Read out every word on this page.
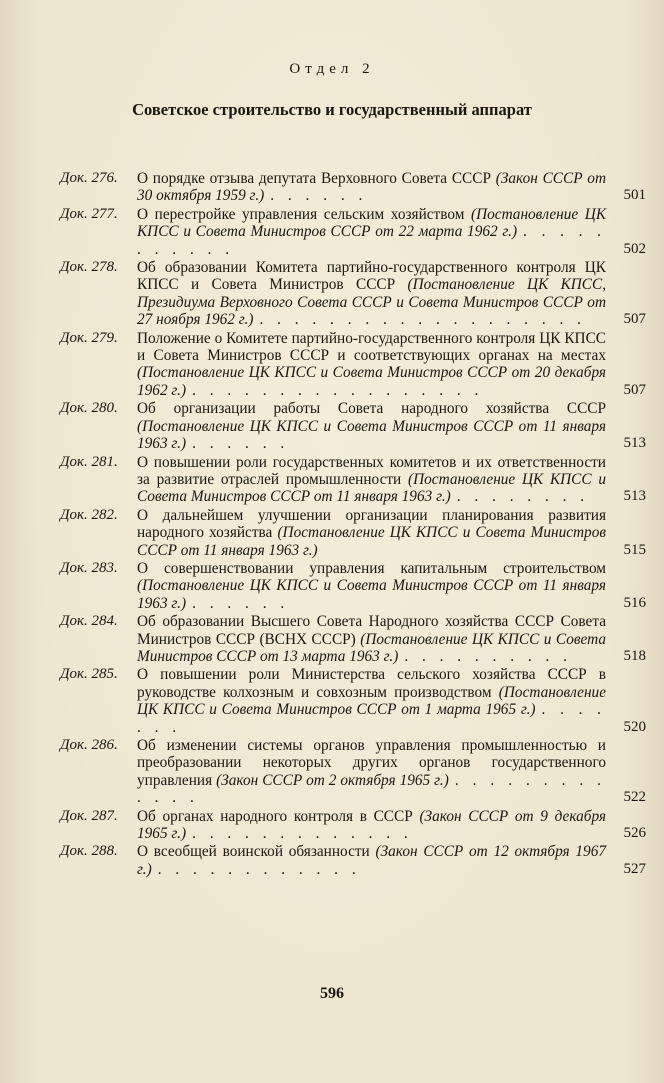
Отдел 2
Советское строительство и государственный аппарат
Док. 276.	О порядке отзыва депутата Верховного Совета СССР (Закон СССР от 30 октября 1959 г.) . . . . . .	501
Док. 277.	О перестройке управления сельским хозяйством (Постановление ЦК КПСС и Совета Министров СССР от 22 марта 1962 г.) . . . . . . . . . . .	502
Док. 278.	Об образовании Комитета партийно-государственного контроля ЦК КПСС и Совета Министров СССР (Постановление ЦК КПСС, Президиума Верховного Совета СССР и Совета Министров СССР от 27 ноября 1962 г.) . . . . . . . . . . . . . . . . . . .	507
Док. 279.	Положение о Комитете партийно-государственного контроля ЦК КПСС и Совета Министров СССР и соответствующих органах на местах (Постановление ЦК КПСС и Совета Министров СССР от 20 декабря 1962 г.) . . . . . . . . . . . . . . . . .	507
Док. 280.	Об организации работы Совета народного хозяйства СССР (Постановление ЦК КПСС и Совета Министров СССР от 11 января 1963 г.) . . . . . .	513
Док. 281.	О повышении роли государственных комитетов и их ответственности за развитие отраслей промышленности (Постановление ЦК КПСС и Совета Министров СССР от 11 января 1963 г.) . . . . . . . .	513
Док. 282.	О дальнейшем улучшении организации планирования развития народного хозяйства (Постановление ЦК КПСС и Совета Министров СССР от 11 января 1963 г.)	515
Док. 283.	О совершенствовании управления капитальным строительством (Постановление ЦК КПСС и Совета Министров СССР от 11 января 1963 г.) . . . . . .	516
Док. 284.	Об образовании Высшего Совета Народного хозяйства СССР Совета Министров СССР (ВСНХ СССР) (Постановление ЦК КПСС и Совета Министров СССР от 13 марта 1963 г.) . . . . . . . . . .	518
Док. 285.	О повышении роли Министерства сельского хозяйства СССР в руководстве колхозным и совхозным производством (Постановление ЦК КПСС и Совета Министров СССР от 1 марта 1965 г.) . . . . . . .	520
Док. 286.	Об изменении системы органов управления промышленностью и преобразовании некоторых других органов государственного управления (Закон СССР от 2 октября 1965 г.) . . . . . . . . . . . . .	522
Док. 287.	Об органах народного контроля в СССР (Закон СССР от 9 декабря 1965 г.) . . . . . . . . . . . . .	526
Док. 288.	О всеобщей воинской обязанности (Закон СССР от 12 октября 1967 г.) . . . . . . . . . . . .	527
596
